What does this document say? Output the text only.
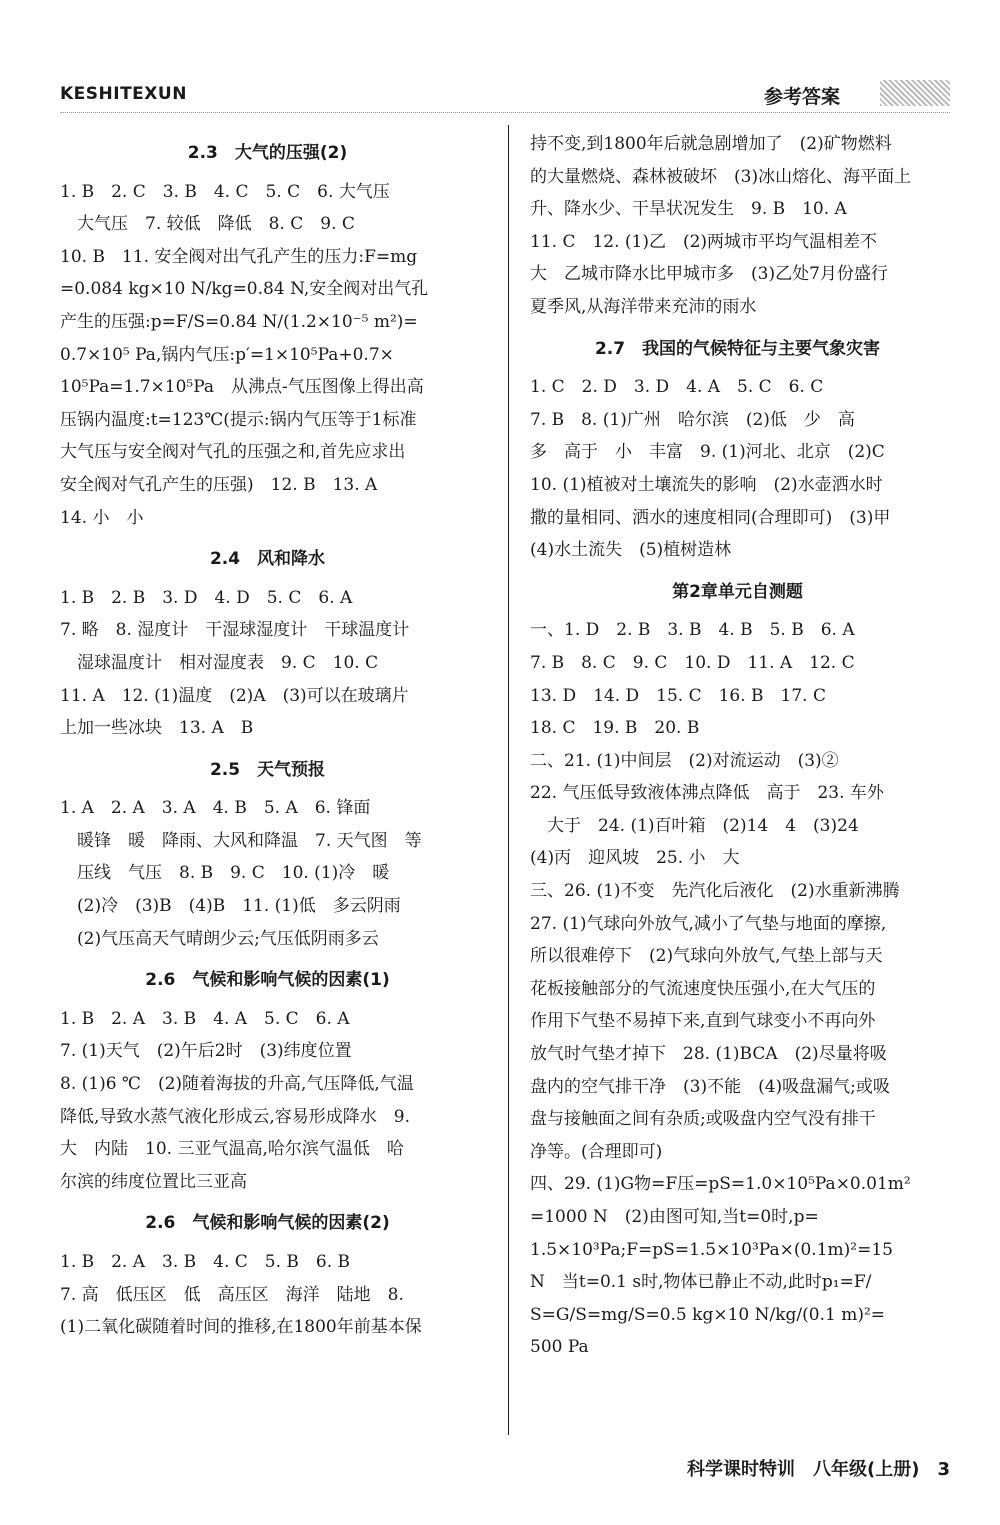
KESHITEXUN	参考答案
2.3　大气的压强(2)
1. B　2. C　3. B　4. C　5. C　6. 大气压
　大气压　7. 较低　降低　8. C　9. C
10. B　11. 安全阀对出气孔产生的压力:F=mg
=0.084 kg×10 N/kg=0.84 N,安全阀对出气孔
产生的压强:p=F/S=0.84 N/(1.2×10⁻⁵ m²)=
0.7×10⁵ Pa,锅内气压:p′=1×10⁵Pa+0.7×
10⁵Pa=1.7×10⁵Pa　从沸点-气压图像上得出高
压锅内温度:t=123℃(提示:锅内气压等于1标准
大气压与安全阀对气孔的压强之和,首先应求出
安全阀对气孔产生的压强)　12. B　13. A
14. 小　小
2.4　风和降水
1. B　2. B　3. D　4. D　5. C　6. A
7. 略　8. 湿度计　干湿球湿度计　干球温度计
　湿球温度计　相对湿度表　9. C　10. C
11. A　12. (1)温度　(2)A　(3)可以在玻璃片
上加一些冰块　13. A　B
2.5　天气预报
1. A　2. A　3. A　4. B　5. A　6. 锋面
　暖锋　暖　降雨、大风和降温　7. 天气图　等
　压线　气压　8. B　9. C　10. (1)冷　暖
　(2)冷　(3)B　(4)B　11. (1)低　多云阴雨
　(2)气压高天气晴朗少云;气压低阴雨多云
2.6　气候和影响气候的因素(1)
1. B　2. A　3. B　4. A　5. C　6. A
7. (1)天气　(2)午后2时　(3)纬度位置
8. (1)6 ℃　(2)随着海拔的升高,气压降低,气温
降低,导致水蒸气液化形成云,容易形成降水　9.
大　内陆　10. 三亚气温高,哈尔滨气温低　哈
尔滨的纬度位置比三亚高
2.6　气候和影响气候的因素(2)
1. B　2. A　3. B　4. C　5. B　6. B
7. 高　低压区　低　高压区　海洋　陆地　8.
(1)二氧化碳随着时间的推移,在1800年前基本保
持不变,到1800年后就急剧增加了　(2)矿物燃料
的大量燃烧、森林被破坏　(3)冰山熔化、海平面上
升、降水少、干旱状况发生　9. B　10. A
11. C　12. (1)乙　(2)两城市平均气温相差不
大　乙城市降水比甲城市多　(3)乙处7月份盛行
夏季风,从海洋带来充沛的雨水
2.7　我国的气候特征与主要气象灾害
1. C　2. D　3. D　4. A　5. C　6. C
7. B　8. (1)广州　哈尔滨　(2)低　少　高
多　高于　小　丰富　9. (1)河北、北京　(2)C
10. (1)植被对土壤流失的影响　(2)水壶洒水时
撒的量相同、洒水的速度相同(合理即可)　(3)甲
(4)水土流失　(5)植树造林
第2章单元自测题
一、1. D　2. B　3. B　4. B　5. B　6. A
7. B　8. C　9. C　10. D　11. A　12. C
13. D　14. D　15. C　16. B　17. C
18. C　19. B　20. B
二、21. (1)中间层　(2)对流运动　(3)②
22. 气压低导致液体沸点降低　高于　23. 车外
　大于　24. (1)百叶箱　(2)14　4　(3)24
(4)丙　迎风坡　25. 小　大
三、26. (1)不变　先汽化后液化　(2)水重新沸腾
27. (1)气球向外放气,减小了气垫与地面的摩擦,
所以很难停下　(2)气球向外放气,气垫上部与天
花板接触部分的气流速度快压强小,在大气压的
作用下气垫不易掉下来,直到气球变小不再向外
放气时气垫才掉下　28. (1)BCA　(2)尽量将吸
盘内的空气排干净　(3)不能　(4)吸盘漏气;或吸
盘与接触面之间有杂质;或吸盘内空气没有排干
净等。(合理即可)
四、29. (1)G物=F压=pS=1.0×10⁵Pa×0.01m²
=1000 N　(2)由图可知,当t=0时,p=
1.5×10³Pa;F=pS=1.5×10³Pa×(0.1m)²=15
N　当t=0.1 s时,物体已静止不动,此时p₁=F/
S=G/S=mg/S=0.5 kg×10 N/kg/(0.1 m)²=
500 Pa
科学课时特训　八年级(上册)　3
